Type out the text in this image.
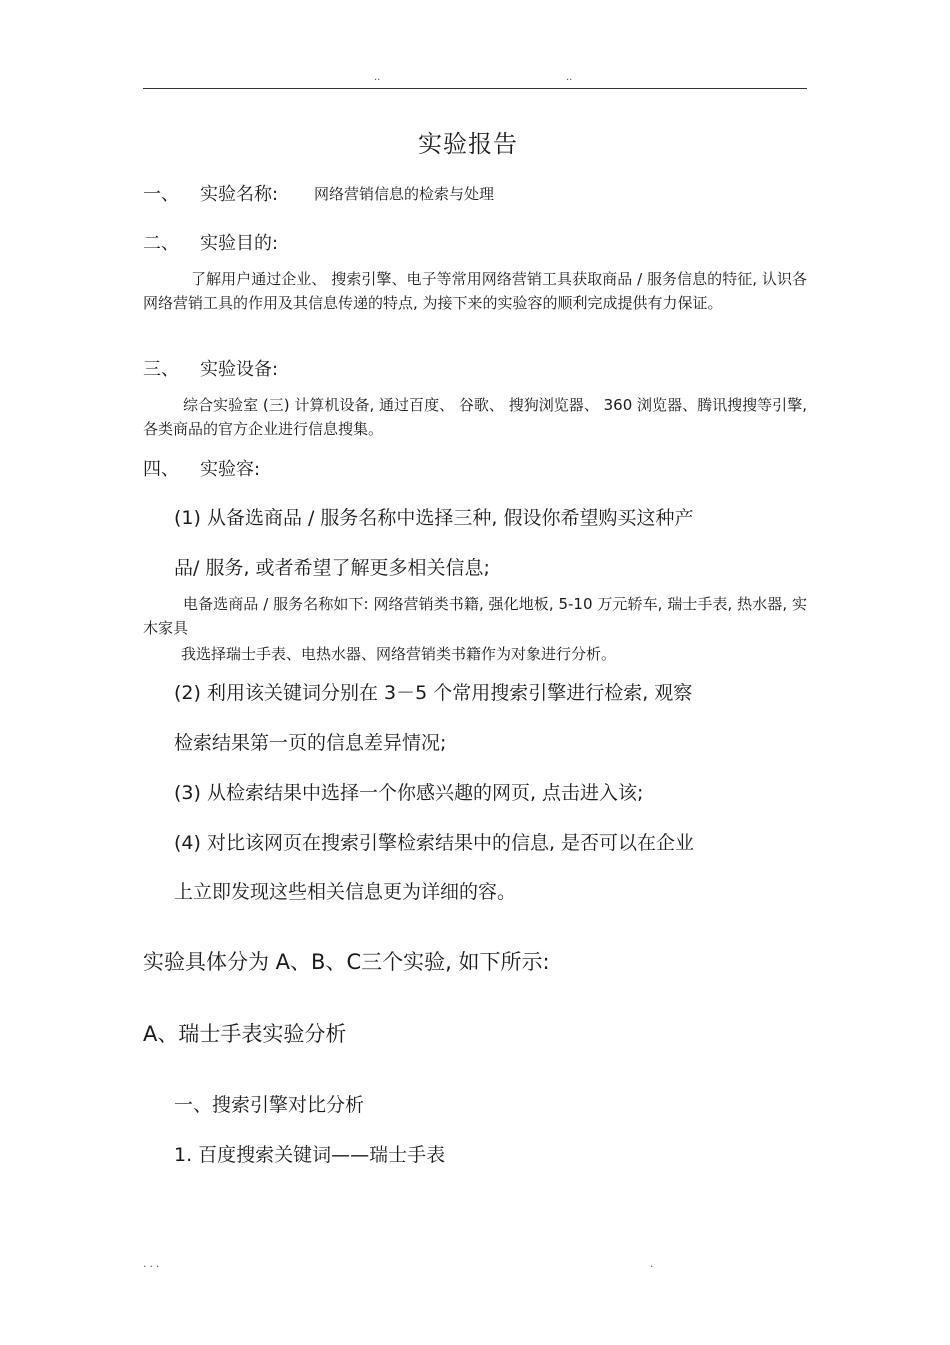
..	..
实验报告
一、 实验名称: 网络营销信息的检索与处理
二、 实验目的:
了解用户通过企业、 搜索引擎、电子等常用网络营销工具获取商品 / 服务信息的特征, 认识各网络营销工具的作用及其信息传递的特点, 为接下来的实验容的顺利完成提供有力保证。
三、 实验设备:
综合实验室 (三) 计算机设备, 通过百度、 谷歌、 搜狗浏览器、 360 浏览器、腾讯搜搜等引擎, 各类商品的官方企业进行信息搜集。
四、 实验容:
(1) 从备选商品 / 服务名称中选择三种, 假设你希望购买这种产
品/ 服务, 或者希望了解更多相关信息;
电备选商品 / 服务名称如下: 网络营销类书籍, 强化地板, 5-10 万元轿车, 瑞士手表, 热水器, 实木家具
我选择瑞士手表、电热水器、网络营销类书籍作为对象进行分析。
(2) 利用该关键词分别在 3－5 个常用搜索引擎进行检索, 观察
检索结果第一页的信息差异情况;
(3) 从检索结果中选择一个你感兴趣的网页, 点击进入该;
(4) 对比该网页在搜索引擎检索结果中的信息, 是否可以在企业
上立即发现这些相关信息更为详细的容。
实验具体分为 A、B、C三个实验, 如下所示:
A、瑞士手表实验分析
一、搜索引擎对比分析
1. 百度搜索关键词——瑞士手表
...	.
